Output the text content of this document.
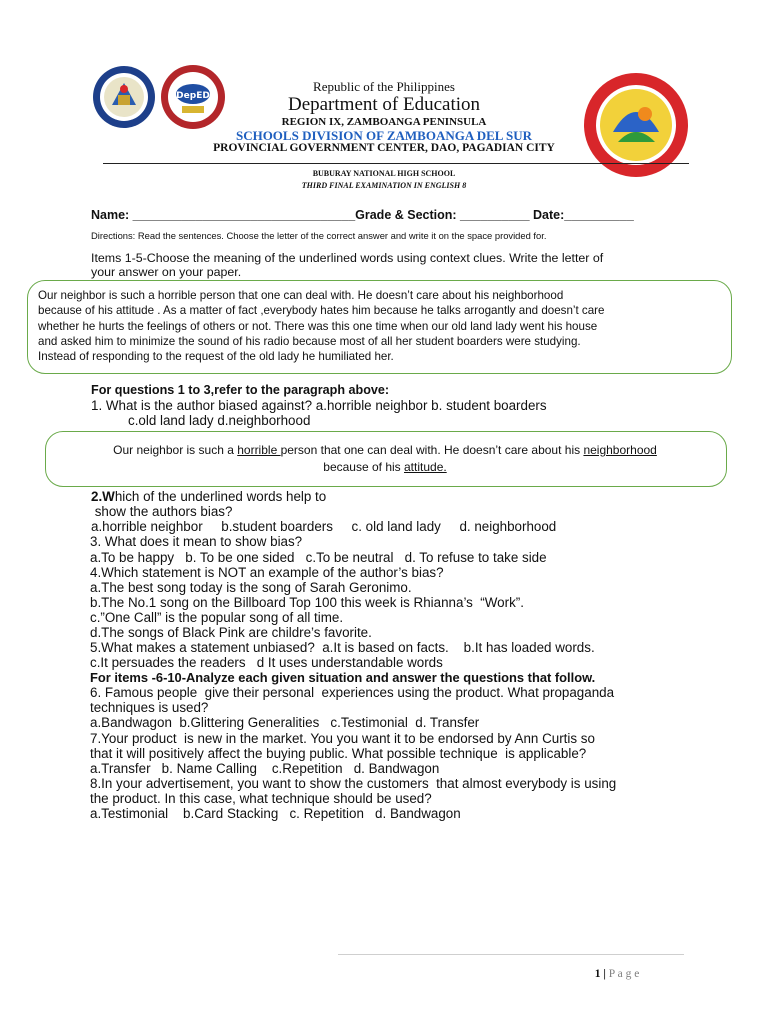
DepED
Republic of the Philippines
Department of Education
REGION IX, ZAMBOANGA PENINSULA
SCHOOLS DIVISION OF ZAMBOANGA DEL SUR
PROVINCIAL GOVERNMENT CENTER, DAO, PAGADIAN CITY
BUBURAY NATIONAL HIGH SCHOOL
THIRD FINAL EXAMINATION IN ENGLISH 8
Name: ________________________________Grade & Section: __________ Date:__________
Directions: Read the sentences. Choose the letter of the correct answer and write it on the space provided for.
Items 1-5-Choose the meaning of the underlined words using context clues. Write the letter of
your answer on your paper.
Our neighbor is such a horrible person that one can deal with. He doesn’t care about his neighborhood
because of his attitude . As a matter of fact ,everybody hates him because he talks arrogantly and doesn’t care
whether he hurts the feelings of others or not. There was this one time when our old land lady went his house
and asked him to minimize the sound of his radio because most of all her student boarders were studying.
Instead of responding to the request of the old lady he humiliated her.
For questions 1 to 3,refer to the paragraph above:
1. What is the author biased against? a.horrible neighbor b. student boarders
c.old land lady d.neighborhood
Our neighbor is such a horrible person that one can deal with. He doesn’t care about his neighborhood
because of his attitude.
2.Which of the underlined words help to
show the authors bias?
a.horrible neighbor     b.student boarders     c. old land lady     d. neighborhood
3. What does it mean to show bias?
a.To be happy   b. To be one sided   c.To be neutral   d. To refuse to take side
4.Which statement is NOT an example of the author’s bias?
a.The best song today is the song of Sarah Geronimo.
b.The No.1 song on the Billboard Top 100 this week is Rhianna’s  “Work”.
c.”One Call” is the popular song of all time.
d.The songs of Black Pink are childre’s favorite.
5.What makes a statement unbiased?  a.It is based on facts.    b.It has loaded words.
c.It persuades the readers   d It uses understandable words
For items -6-10-Analyze each given situation and answer the questions that follow.
6. Famous people  give their personal  experiences using the product. What propaganda
techniques is used?
a.Bandwagon  b.Glittering Generalities   c.Testimonial  d. Transfer
7.Your product  is new in the market. You you want it to be endorsed by Ann Curtis so
that it will positively affect the buying public. What possible technique  is applicable?
a.Transfer   b. Name Calling    c.Repetition   d. Bandwagon
8.In your advertisement, you want to show the customers  that almost everybody is using
the product. In this case, what technique should be used?
a.Testimonial    b.Card Stacking   c. Repetition   d. Bandwagon

1 | P a g e
